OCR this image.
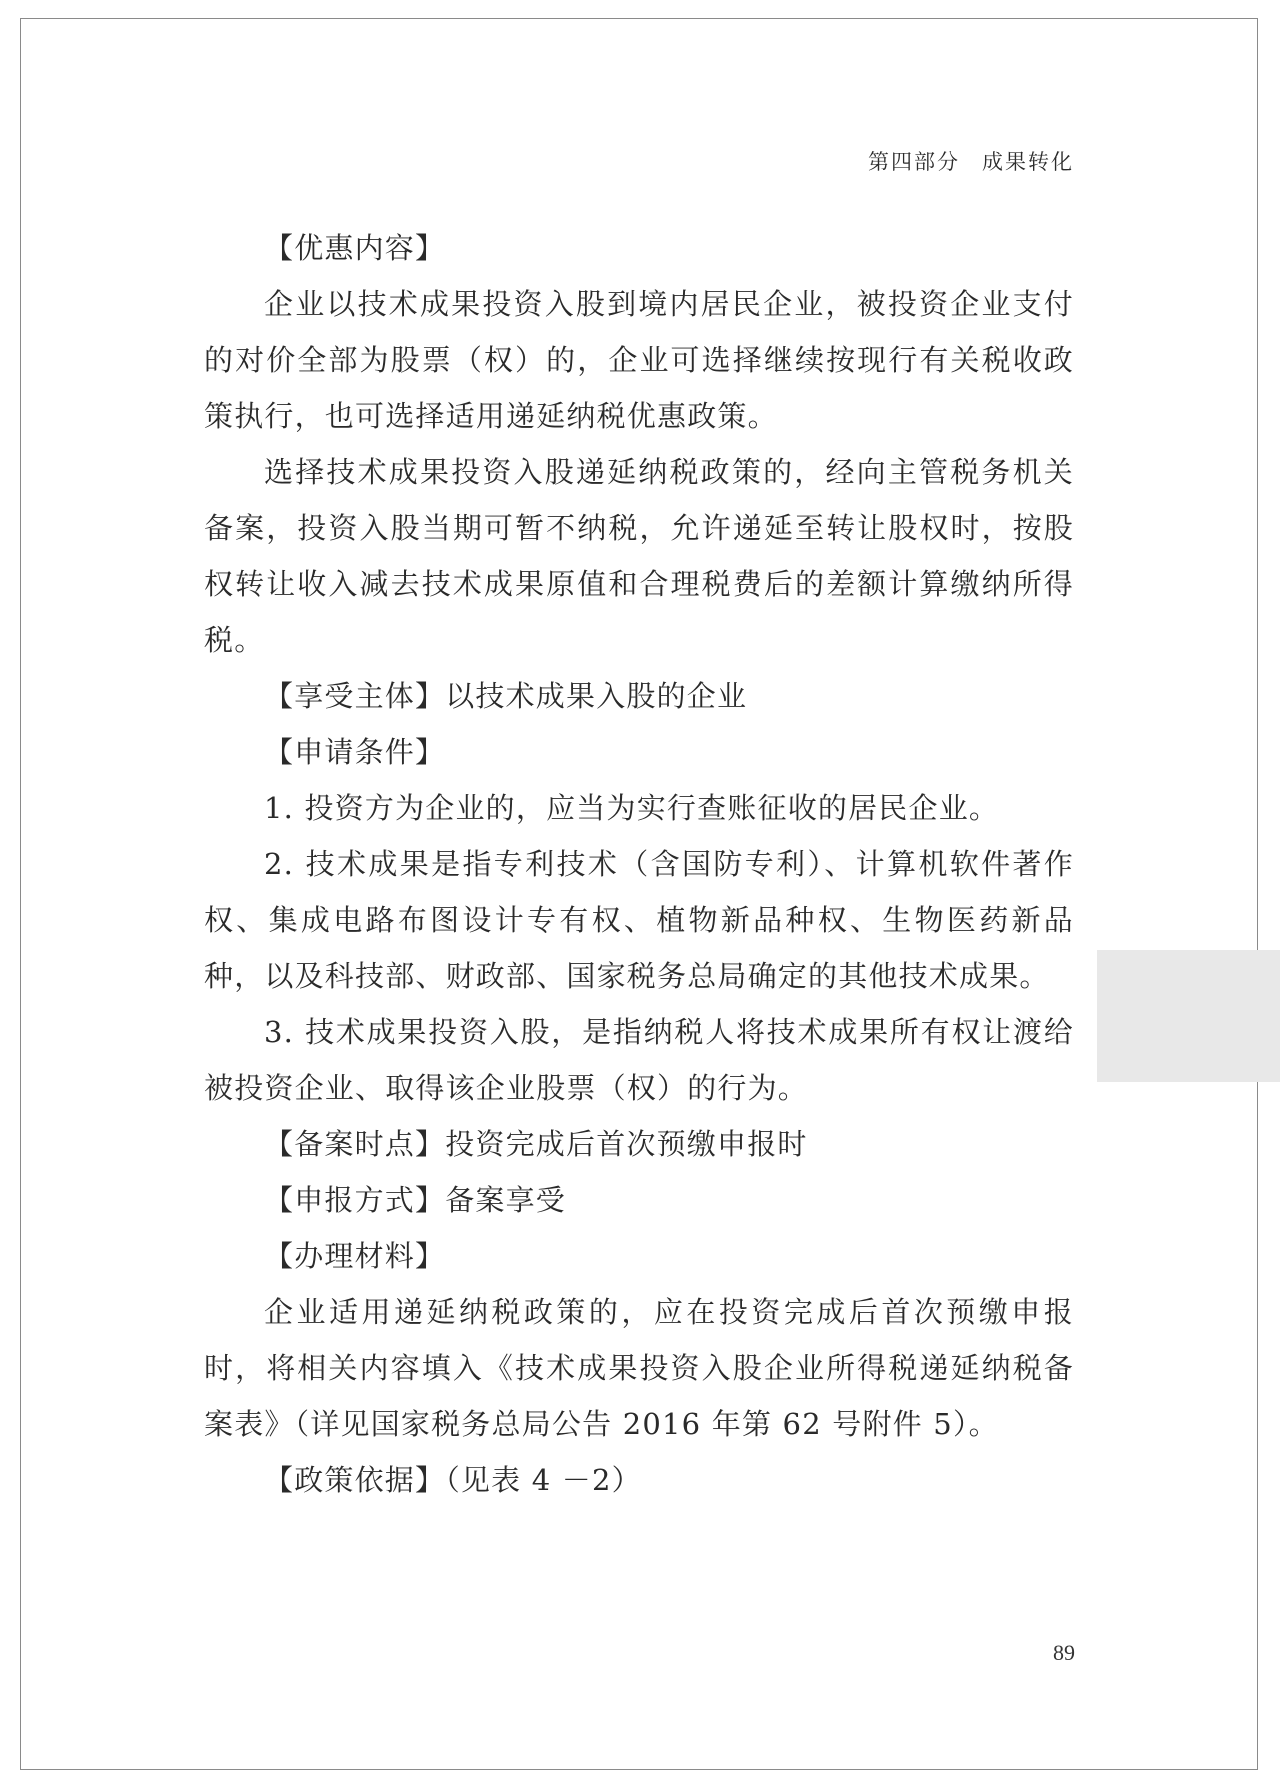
第四部分 成果转化

【优惠内容】

企业以技术成果投资入股到境内居民企业，被投资企业支付的对价全部为股票（权）的，企业可选择继续按现行有关税收政策执行，也可选择适用递延纳税优惠政策。

选择技术成果投资入股递延纳税政策的，经向主管税务机关备案，投资入股当期可暂不纳税，允许递延至转让股权时，按股权转让收入减去技术成果原值和合理税费后的差额计算缴纳所得税。

【享受主体】以技术成果入股的企业

【申请条件】

1. 投资方为企业的，应当为实行查账征收的居民企业。

2. 技术成果是指专利技术（含国防专利）、计算机软件著作权、集成电路布图设计专有权、植物新品种权、生物医药新品种，以及科技部、财政部、国家税务总局确定的其他技术成果。

3. 技术成果投资入股，是指纳税人将技术成果所有权让渡给被投资企业、取得该企业股票（权）的行为。

【备案时点】投资完成后首次预缴申报时

【申报方式】备案享受

【办理材料】

企业适用递延纳税政策的，应在投资完成后首次预缴申报时，将相关内容填入《技术成果投资入股企业所得税递延纳税备案表》（详见国家税务总局公告 2016 年第 62 号附件 5）。

【政策依据】（见表 4 －2）

89
